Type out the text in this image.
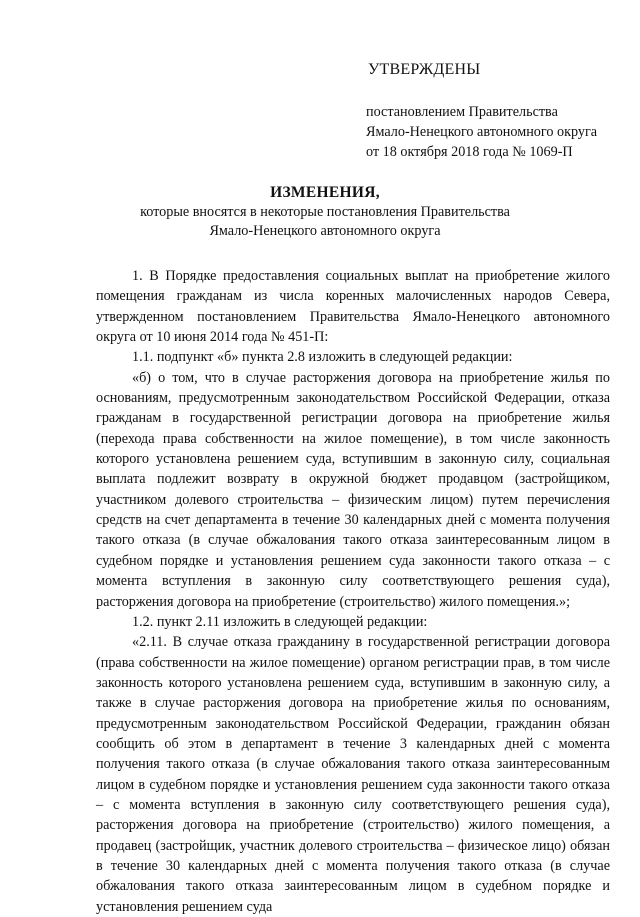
УТВЕРЖДЕНЫ
постановлением Правительства
Ямало-Ненецкого автономного округа
от 18 октября 2018 года № 1069-П
ИЗМЕНЕНИЯ,
которые вносятся в некоторые постановления Правительства
Ямало-Ненецкого автономного округа

1. В Порядке предоставления социальных выплат на приобретение жилого помещения гражданам из числа коренных малочисленных народов Севера, утвержденном постановлением Правительства Ямало-Ненецкого автономного округа от 10 июня 2014 года № 451-П:

1.1. подпункт «б» пункта 2.8 изложить в следующей редакции:

«б) о том, что в случае расторжения договора на приобретение жилья по основаниям, предусмотренным законодательством Российской Федерации, отказа гражданам в государственной регистрации договора на приобретение жилья (перехода права собственности на жилое помещение), в том числе законность которого установлена решением суда, вступившим в законную силу, социальная выплата подлежит возврату в окружной бюджет продавцом (застройщиком, участником долевого строительства – физическим лицом) путем перечисления средств на счет департамента в течение 30 календарных дней с момента получения такого отказа (в случае обжалования такого отказа заинтересованным лицом в судебном порядке и установления решением суда законности такого отказа – с момента вступления в законную силу соответствующего решения суда), расторжения договора на приобретение (строительство) жилого помещения.»;

1.2. пункт 2.11 изложить в следующей редакции:

«2.11. В случае отказа гражданину в государственной регистрации договора (права собственности на жилое помещение) органом регистрации прав, в том числе законность которого установлена решением суда, вступившим в законную силу, а также в случае расторжения договора на приобретение жилья по основаниям, предусмотренным законодательством Российской Федерации, гражданин обязан сообщить об этом в департамент в течение 3 календарных дней с момента получения такого отказа (в случае обжалования такого отказа заинтересованным лицом в судебном порядке и установления решением суда законности такого отказа – с момента вступления в законную силу соответствующего решения суда), расторжения договора на приобретение (строительство) жилого помещения, а продавец (застройщик, участник долевого строительства – физическое лицо) обязан в течение 30 календарных дней с момента получения такого отказа (в случае обжалования такого отказа заинтересованным лицом в судебном порядке и установления решением суда
